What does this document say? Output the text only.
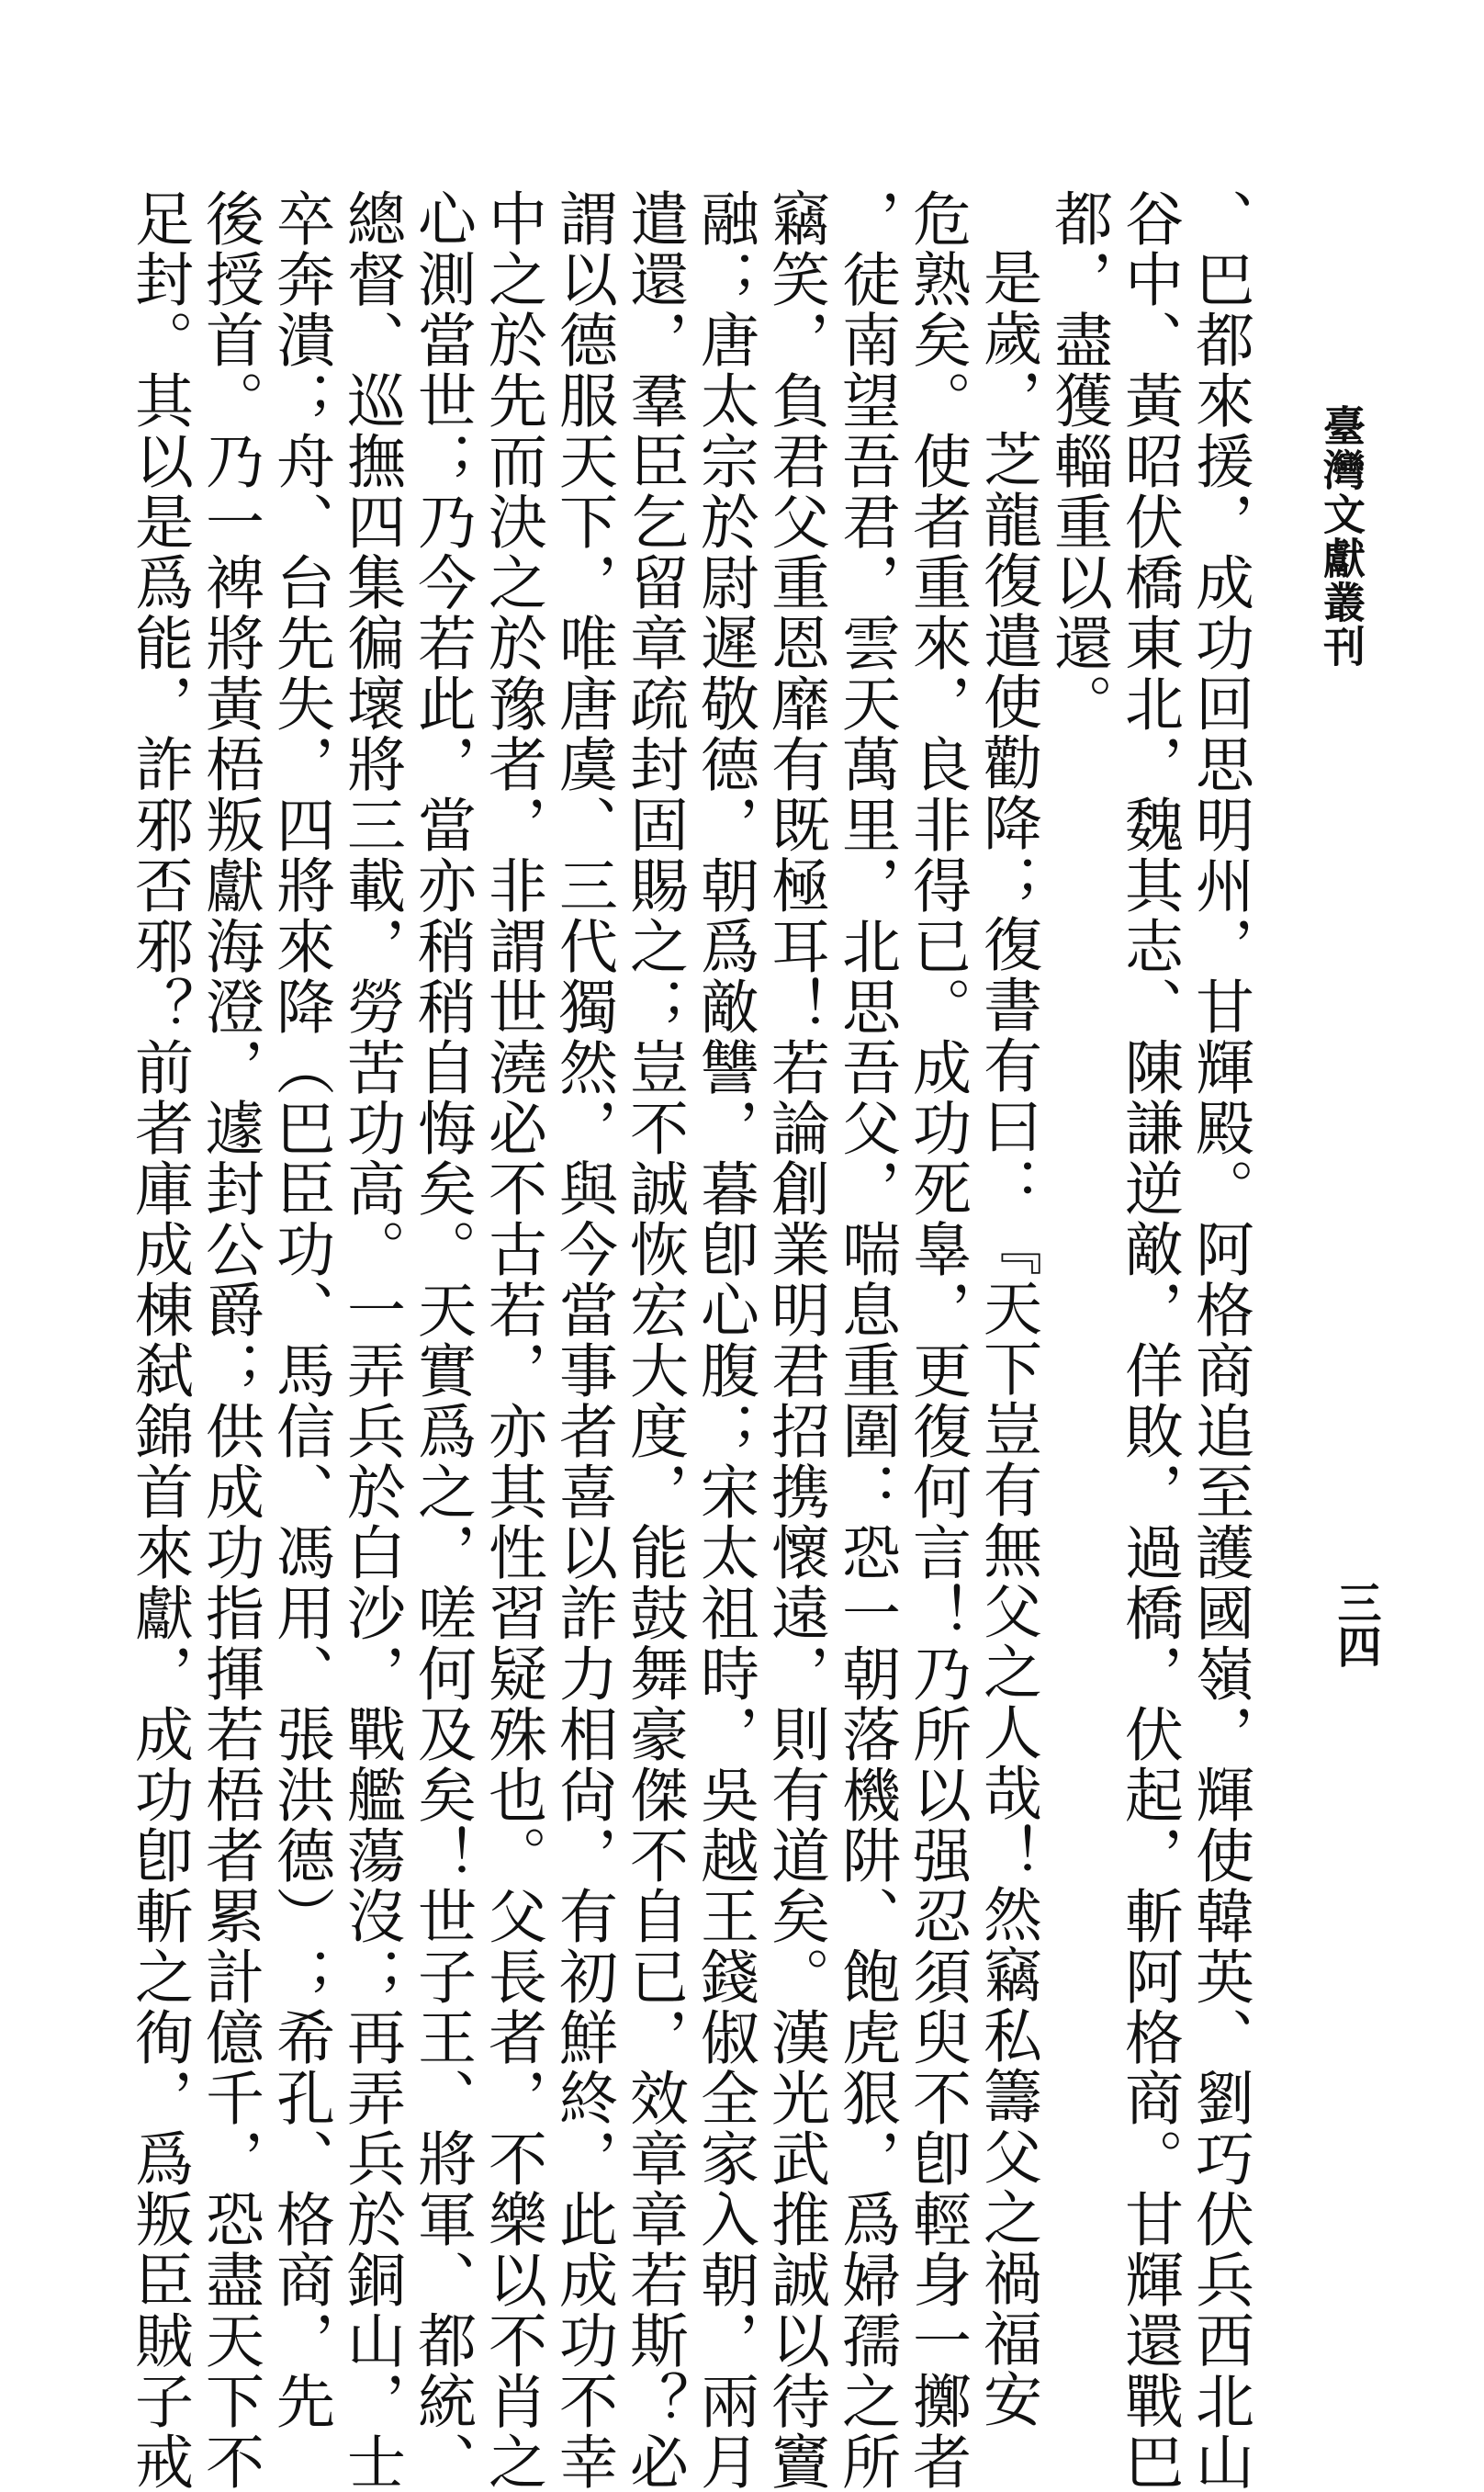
臺灣文獻叢刊
三四

、巴都來援，成功回思明州，甘輝殿。阿格商追至護國嶺，輝使韓英、劉巧伏兵西北山

谷中、黃昭伏橋東北，魏其志、陳謙逆敵，佯敗，過橋，伏起，斬阿格商。甘輝還戰巴

都，盡獲輜重以還。

是歲，芝龍復遣使勸降；復書有曰：『天下豈有無父之人哉！然竊私籌父之禍福安

危熟矣。使者重來，良非得已。成功死辠，更復何言！乃所以强忍須臾不卽輕身一擲者

，徒南望吾君，雲天萬里，北思吾父，喘息重圍：恐一朝落機阱、飽虎狠，爲婦孺之所

竊笑，負君父重恩靡有既極耳！若論創業明君招携懷遠，則有道矣。漢光武推誠以待竇

融；唐太宗於尉遲敬德，朝爲敵讐，暮卽心腹；宋太祖時，吳越王錢俶全家入朝，兩月

遣還，羣臣乞留章疏封固賜之；豈不誠恢宏大度，能鼓舞豪傑不自已，效章章若斯？必

謂以德服天下，唯唐虞、三代獨然，與今當事者喜以詐力相尙，有初鮮終，此成功不幸

中之於先而決之於豫者，非謂世澆必不古若，亦其性習疑殊也。父長者，不樂以不肖之

心測當世；乃今若此，當亦稍稍自悔矣。天實爲之，嗟何及矣！世子王、將軍、都統、

總督、巡撫四集徧壞將三載，勞苦功高。一弄兵於白沙，戰艦蕩沒；再弄兵於銅山，士

卒奔潰；舟、台先失，四將來降（巴臣功、馬信、馮用、張洪德）；希孔、格商，先

後授首。乃一裨將黃梧叛獻海澄，遽封公爵；供成功指揮若梧者累計億千，恐盡天下不

足封。其以是爲能，詐邪否邪？前者庫成棟弑錦首來獻，成功卽斬之徇，爲叛臣賊子戒
